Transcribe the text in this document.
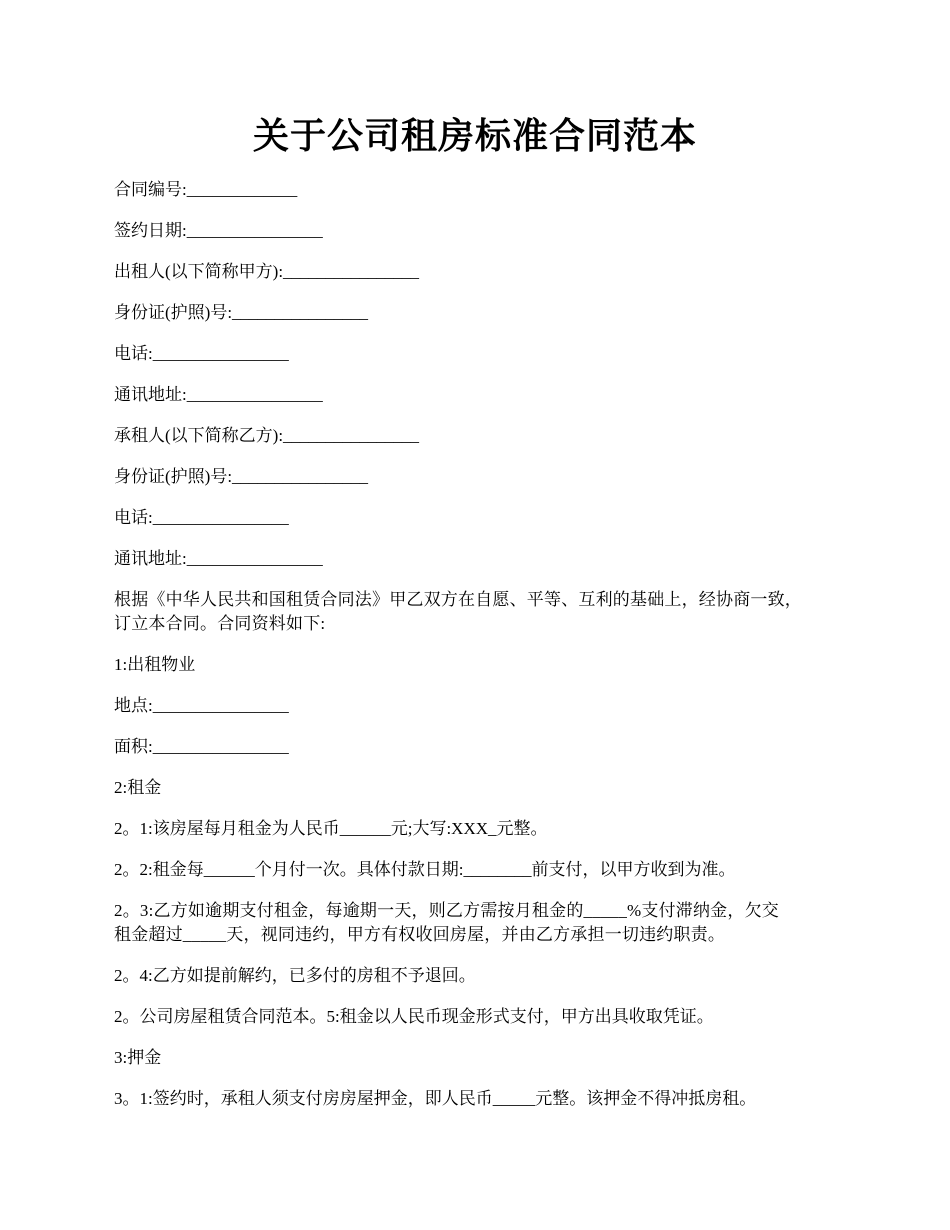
关于公司租房标准合同范本

合同编号:_____________

签约日期:________________

出租人(以下简称甲方):________________

身份证(护照)号:________________

电话:________________

通讯地址:________________

承租人(以下简称乙方):________________

身份证(护照)号:________________

电话:________________

通讯地址:________________

根据《中华人民共和国租赁合同法》甲乙双方在自愿、平等、互利的基础上，经协商一致，
订立本合同。合同资料如下:

1:出租物业

地点:________________

面积:________________

2:租金

2。1:该房屋每月租金为人民币______元;大写:XXX_元整。

2。2:租金每______个月付一次。具体付款日期:________前支付，以甲方收到为准。

2。3:乙方如逾期支付租金，每逾期一天，则乙方需按月租金的_____%支付滞纳金，欠交
租金超过_____天，视同违约，甲方有权收回房屋，并由乙方承担一切违约职责。

2。4:乙方如提前解约，已多付的房租不予退回。

2。公司房屋租赁合同范本。5:租金以人民币现金形式支付，甲方出具收取凭证。

3:押金

3。1:签约时，承租人须支付房房屋押金，即人民币_____元整。该押金不得冲抵房租。
